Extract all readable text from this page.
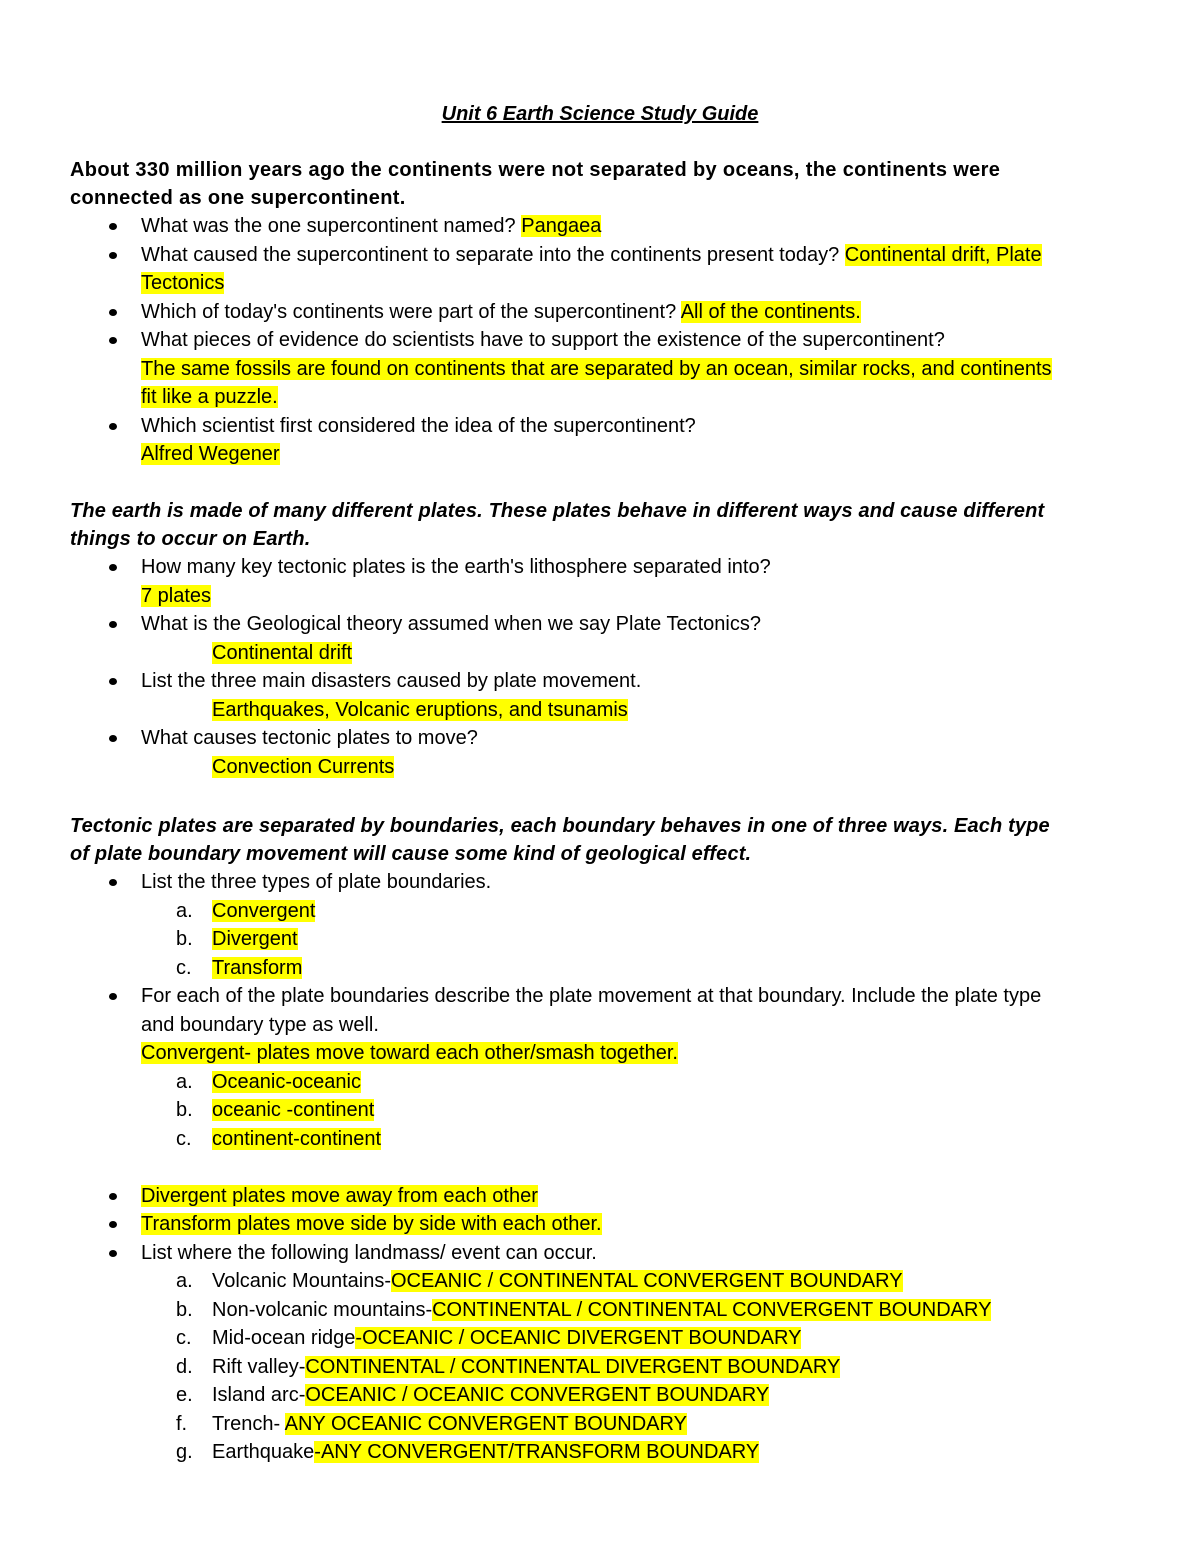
Unit 6 Earth Science Study Guide

About 330 million years ago the continents were not separated by oceans, the continents were
connected as one supercontinent.

What was the one supercontinent named? Pangaea
What caused the supercontinent to separate into the continents present today? Continental drift, Plate
Tectonics
Which of today's continents were part of the supercontinent? All of the continents.
What pieces of evidence do scientists have to support the existence of the supercontinent?
The same fossils are found on continents that are separated by an ocean, similar rocks, and continents
fit like a puzzle.
Which scientist first considered the idea of the supercontinent?
Alfred Wegener

The earth is made of many different plates. These plates behave in different ways and cause different
things to occur on Earth.

How many key tectonic plates is the earth's lithosphere separated into?
7 plates
What is the Geological theory assumed when we say Plate Tectonics?
Continental drift
List the three main disasters caused by plate movement.
Earthquakes, Volcanic eruptions, and tsunamis
What causes tectonic plates to move?
Convection Currents

Tectonic plates are separated by boundaries, each boundary behaves in one of three ways. Each type
of plate boundary movement will cause some kind of geological effect.

List the three types of plate boundaries.
a. Convergent
b. Divergent
c. Transform
For each of the plate boundaries describe the plate movement at that boundary. Include the plate type
and boundary type as well.
Convergent- plates move toward each other/smash together.
a. Oceanic-oceanic
b. oceanic -continent
c. continent-continent
Divergent plates move away from each other
Transform plates move side by side with each other.
List where the following landmass/ event can occur.
a. Volcanic Mountains-OCEANIC / CONTINENTAL CONVERGENT BOUNDARY
b. Non-volcanic mountains-CONTINENTAL / CONTINENTAL CONVERGENT BOUNDARY
c. Mid-ocean ridge-OCEANIC / OCEANIC DIVERGENT BOUNDARY
d. Rift valley-CONTINENTAL / CONTINENTAL DIVERGENT BOUNDARY
e. Island arc-OCEANIC / OCEANIC CONVERGENT BOUNDARY
f. Trench- ANY OCEANIC CONVERGENT BOUNDARY
g. Earthquake-ANY CONVERGENT/TRANSFORM BOUNDARY
